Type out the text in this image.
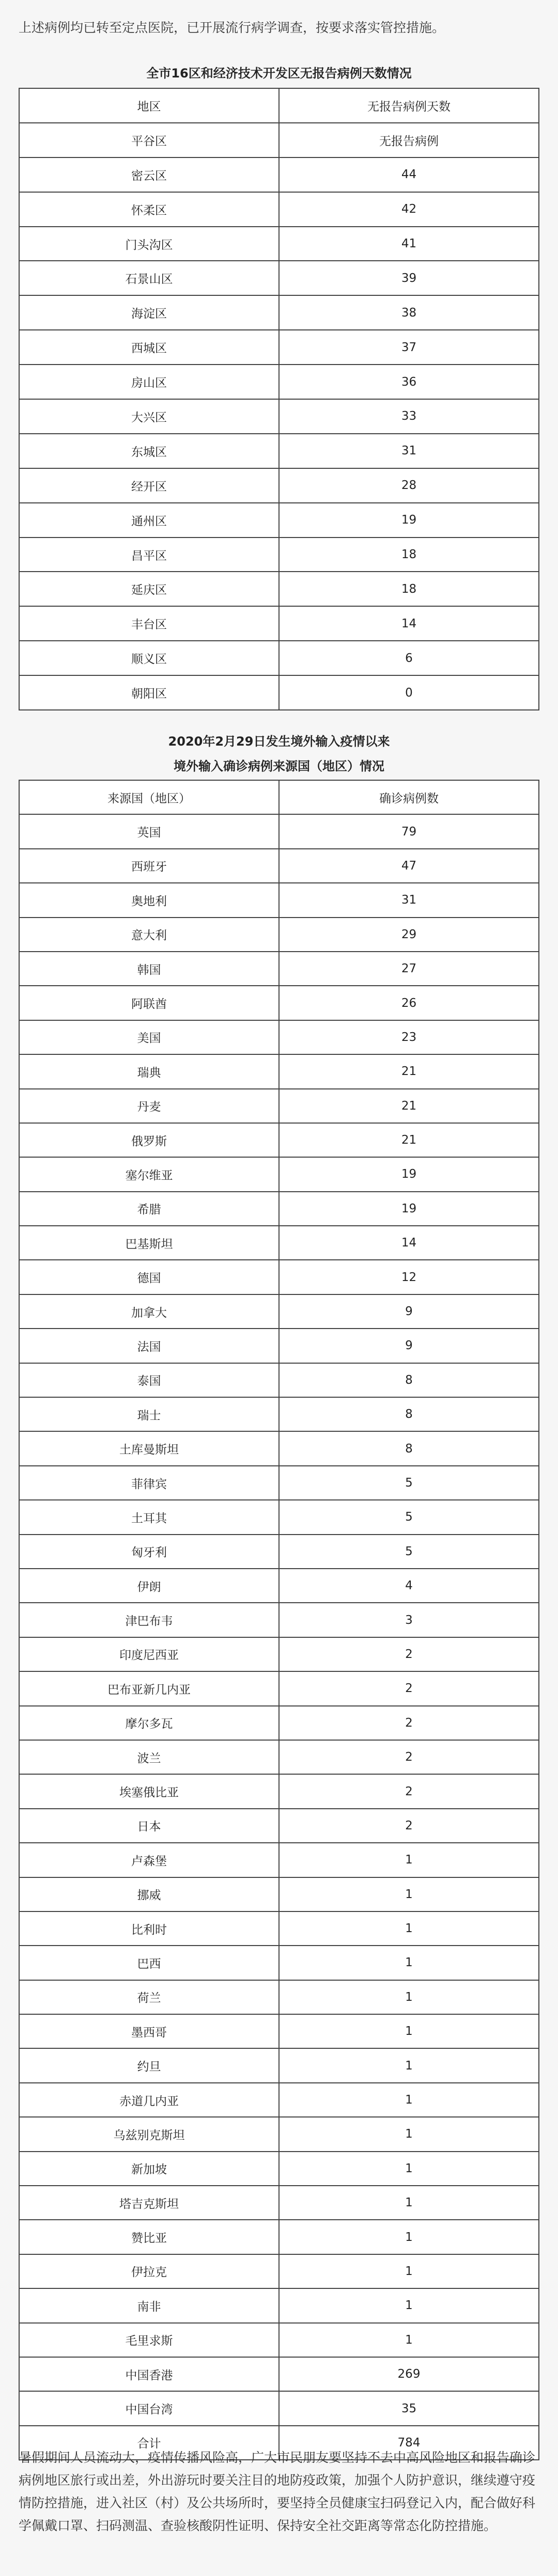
上述病例均已转至定点医院，已开展流行病学调查，按要求落实管控措施。

全市16区和经济技术开发区无报告病例天数情况

地区	无报告病例天数
平谷区	无报告病例
密云区	44
怀柔区	42
门头沟区	41
石景山区	39
海淀区	38
西城区	37
房山区	36
大兴区	33
东城区	31
经开区	28
通州区	19
昌平区	18
延庆区	18
丰台区	14
顺义区	6
朝阳区	0

2020年2月29日发生境外输入疫情以来

境外输入确诊病例来源国（地区）情况

来源国（地区）	确诊病例数
英国	79
西班牙	47
奥地利	31
意大利	29
韩国	27
阿联酋	26
美国	23
瑞典	21
丹麦	21
俄罗斯	21
塞尔维亚	19
希腊	19
巴基斯坦	14
德国	12
加拿大	9
法国	9
泰国	8
瑞士	8
土库曼斯坦	8
菲律宾	5
土耳其	5
匈牙利	5
伊朗	4
津巴布韦	3
印度尼西亚	2
巴布亚新几内亚	2
摩尔多瓦	2
波兰	2
埃塞俄比亚	2
日本	2
卢森堡	1
挪威	1
比利时	1
巴西	1
荷兰	1
墨西哥	1
约旦	1
赤道几内亚	1
乌兹别克斯坦	1
新加坡	1
塔吉克斯坦	1
赞比亚	1
伊拉克	1
南非	1
毛里求斯	1
中国香港	269
中国台湾	35
合计	784

暑假期间人员流动大，疫情传播风险高，广大市民朋友要坚持不去中高风险地区和报告确诊病例地区旅行或出差，外出游玩时要关注目的地防疫政策，加强个人防护意识，继续遵守疫情防控措施，进入社区（村）及公共场所时，要坚持全员健康宝扫码登记入内，配合做好科学佩戴口罩、扫码测温、查验核酸阴性证明、保持安全社交距离等常态化防控措施。
